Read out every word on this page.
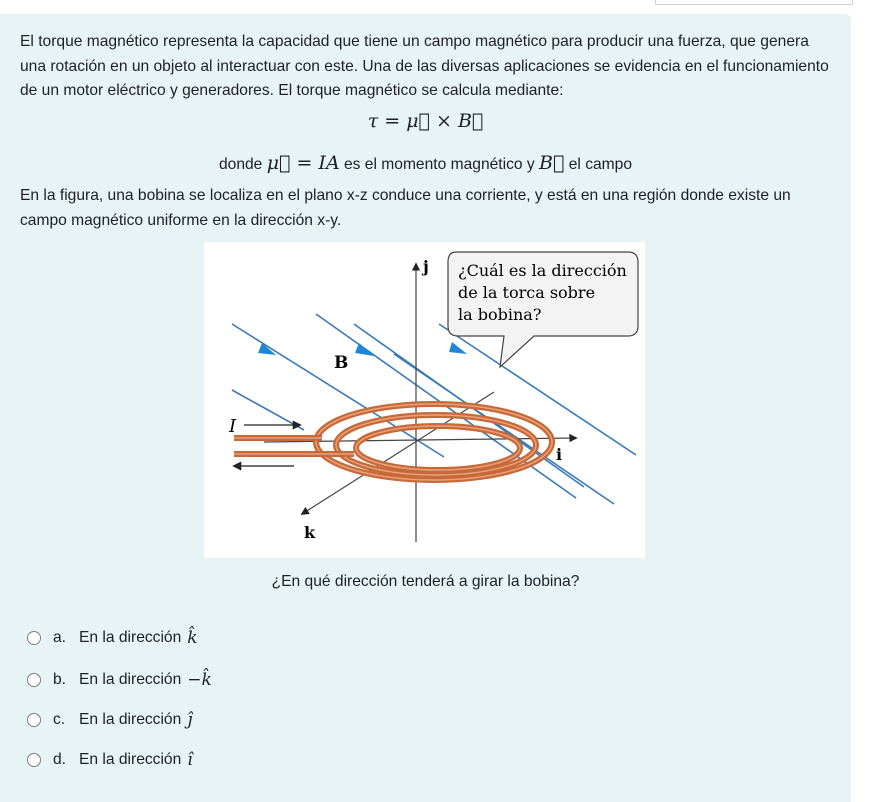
El torque magnético representa la capacidad que tiene un campo magnético para producir una fuerza, que genera una rotación en un objeto al interactuar con este. Una de las diversas aplicaciones se evidencia en el funcionamiento de un motor eléctrico y generadores. El torque magnético se calcula mediante:

τ = μ⃗ × B⃗
donde μ⃗ = IA es el momento magnético y B⃗ el campo

En la figura, una bobina se localiza en el plano x-z conduce una corriente, y está en una región donde existe un campo magnético uniforme en la dirección x-y.

j
i
k
B
I
¿Cuál es la dirección
de la torca sobre
la bobina?
¿En qué dirección tenderá a girar la bobina?
a. En la dirección k̂
b. En la dirección −k̂
c. En la dirección ĵ
d. En la dirección î
